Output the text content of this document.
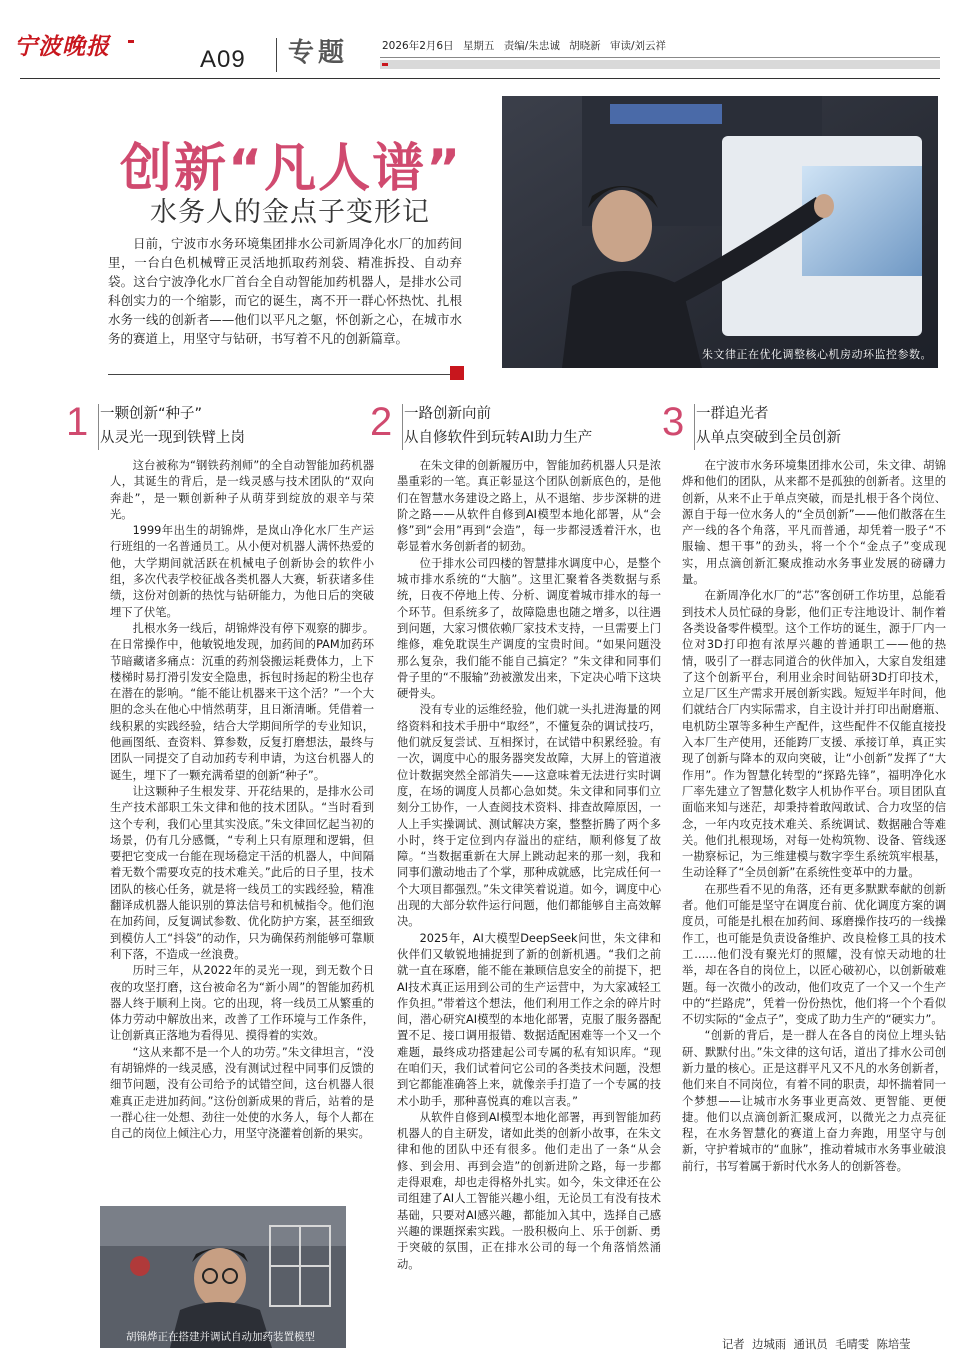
宁波晚报	A09 专题	2026年2月6日 星期五 责编/朱忠诚 胡晓新 审读/刘云祥
创新“凡人谱”
水务人的金点子变形记
日前，宁波市水务环境集团排水公司新周净化水厂的加药间里，一台白色机械臂正灵活地抓取药剂袋、精准拆投、自动弃袋。这台宁波净化水厂首台全自动智能加药机器人，是排水公司科创实力的一个缩影，而它的诞生，离不开一群心怀热忱、扎根水务一线的创新者——他们以平凡之躯，怀创新之心，在城市水务的赛道上，用坚守与钻研，书写着不凡的创新篇章。
朱文律正在优化调整核心机房动环监控参数。
1 一颗创新“种子”
从灵光一现到铁臂上岗	2 一路创新向前
从自修软件到玩转AI助力生产 3 一群追光者
从单点突破到全员创新

这台被称为“钢铁药剂师”的全自动智能加药机器人，其诞生的背后，是一线灵感与技术团队的“双向奔赴”，是一颗创新种子从萌芽到绽放的艰辛与荣光。

1999年出生的胡锦烨，是岚山净化水厂生产运行班组的一名普通员工。从小便对机器人满怀热爱的他，大学期间就活跃在机械电子创新协会的软件小组，多次代表学校征战各类机器人大赛，斩获诸多佳绩，这份对创新的热忱与钻研能力，为他日后的突破埋下了伏笔。

扎根水务一线后，胡锦烨没有停下观察的脚步。在日常操作中，他敏锐地发现，加药间的PAM加药环节暗藏诸多痛点：沉重的药剂袋搬运耗费体力，上下楼梯时易打滑引发安全隐患，拆包时扬起的粉尘也存在潜在的影响。“能不能让机器来干这个活？”一个大胆的念头在他心中悄然萌芽，且日渐清晰。凭借着一线积累的实践经验，结合大学期间所学的专业知识，他画图纸、查资料、算参数，反复打磨想法，最终与团队一同提交了自动加药专利申请，为这台机器人的诞生，埋下了一颗充满希望的创新“种子”。

让这颗种子生根发芽、开花结果的，是排水公司生产技术部职工朱文律和他的技术团队。“当时看到这个专利，我们心里其实没底。”朱文律回忆起当初的场景，仍有几分感慨，“专利上只有原理和逻辑，但要把它变成一台能在现场稳定干活的机器人，中间隔着无数个需要攻克的技术难关。”此后的日子里，技术团队的核心任务，就是将一线员工的实践经验，精准翻译成机器人能识别的算法信号和机械指令。他们泡在加药间，反复调试参数、优化防护方案，甚至细致到模仿人工“抖袋”的动作，只为确保药剂能够可靠顺利下落，不造成一丝浪费。

历时三年，从2022年的灵光一现，到无数个日夜的攻坚打磨，这台被命名为“新小周”的智能加药机器人终于顺利上岗。它的出现，将一线员工从繁重的体力劳动中解放出来，改善了工作环境与工作条件，让创新真正落地为看得见、摸得着的实效。

“这从来都不是一个人的功劳。”朱文律坦言，“没有胡锦烨的一线灵感，没有测试过程中同事们反馈的细节问题，没有公司给予的试错空间，这台机器人很难真正走进加药间。”这份创新成果的背后，站着的是一群心往一处想、劲往一处使的水务人，每个人都在自己的岗位上倾注心力，用坚守浇灌着创新的果实。

在朱文律的创新履历中，智能加药机器人只是浓墨重彩的一笔。真正彰显这个团队创新底色的，是他们在智慧水务建设之路上，从不退缩、步步深耕的进阶之路——从软件自修到AI模型本地化部署，从“会修”到“会用”再到“会造”，每一步都浸透着汗水，也彰显着水务创新者的韧劲。

位于排水公司四楼的智慧排水调度中心，是整个城市排水系统的“大脑”。这里汇聚着各类数据与系统，日夜不停地上传、分析、调度着城市排水的每一个环节。但系统多了，故障隐患也随之增多，以往遇到问题，大家习惯依赖厂家技术支持，一旦需要上门维修，难免耽误生产调度的宝贵时间。“如果问题没那么复杂，我们能不能自己搞定？”朱文律和同事们骨子里的“不服输”劲被激发出来，下定决心啃下这块硬骨头。

没有专业的运维经验，他们就一头扎进海量的网络资料和技术手册中“取经”，不懂复杂的调试技巧，他们就反复尝试、互相探讨，在试错中积累经验。有一次，调度中心的服务器突发故障，大屏上的管道液位计数据突然全部消失——这意味着无法进行实时调度，在场的调度人员都心急如焚。朱文律和同事们立刻分工协作，一人查阅技术资料、排查故障原因，一人上手实操调试、测试解决方案，整整折腾了两个多小时，终于定位到内存溢出的症结，顺利修复了故障。“当数据重新在大屏上跳动起来的那一刻，我和同事们激动地击了个掌，那种成就感，比完成任何一个大项目都强烈。”朱文律笑着说道。如今，调度中心出现的大部分软件运行问题，他们都能够自主高效解决。

2025年，AI大模型DeepSeek问世，朱文律和伙伴们又敏锐地捕捉到了新的创新机遇。“我们之前就一直在琢磨，能不能在兼顾信息安全的前提下，把AI技术真正运用到公司的生产运营中，为大家减轻工作负担。”带着这个想法，他们利用工作之余的碎片时间，潜心研究AI模型的本地化部署，克服了服务器配置不足、接口调用报错、数据适配困难等一个又一个难题，最终成功搭建起公司专属的私有知识库。“现在咱们天，我们试着问它公司的各类技术问题，没想到它都能准确答上来，就像亲手打造了一个专属的技术小助手，那种喜悦真的难以言表。”

从软件自修到AI模型本地化部署，再到智能加药机器人的自主研发，诸如此类的创新小故事，在朱文律和他的团队中还有很多。他们走出了一条“从会修、到会用、再到会造”的创新进阶之路，每一步都走得艰难，却也走得格外扎实。如今，朱文律还在公司组建了AI人工智能兴趣小组，无论员工有没有技术基础，只要对AI感兴趣，都能加入其中，选择自己感兴趣的课题探索实践。一股积极向上、乐于创新、勇于突破的氛围，正在排水公司的每一个角落悄然涌动。

在宁波市水务环境集团排水公司，朱文律、胡锦烨和他们的团队，从来都不是孤独的创新者。这里的创新，从来不止于单点突破，而是扎根于各个岗位、源自于每一位水务人的“全员创新”——他们散落在生产一线的各个角落，平凡而普通，却凭着一股子“不服输、想干事”的劲头，将一个个“金点子”变成现实，用点滴创新汇聚成推动水务事业发展的磅礴力量。

在新周净化水厂的“芯”客创研工作坊里，总能看到技术人员忙碌的身影，他们正专注地设计、制作着各类设备零件模型。这个工作坊的诞生，源于厂内一位对3D打印抱有浓厚兴趣的普通职工——他的热情，吸引了一群志同道合的伙伴加入，大家自发组建了这个创新平台，利用业余时间钻研3D打印技术，立足厂区生产需求开展创新实践。短短半年时间，他们就结合厂内实际需求，自主设计并打印出耐磨瓶、电机防尘罩等多种生产配件，这些配件不仅能直接投入本厂生产使用，还能跨厂支援、承接订单，真正实现了创新与降本的双向突破，让“小创新”发挥了“大作用”。作为智慧化转型的“探路先锋”，福明净化水厂率先建立了智慧化数字人机协作平台。项目团队直面临来知与迷茫，却秉持着敢闯敢试、合力攻坚的信念，一年内攻克技术难关、系统调试、数据融合等难关。他们扎根现场，对每一处构筑物、设备、管线逐一勘察标记，为三维建模与数字孪生系统筑牢根基，生动诠释了“全员创新”在系统性变革中的力量。

在那些看不见的角落，还有更多默默奉献的创新者。他们可能是坚守在调度台前、优化调度方案的调度员，可能是扎根在加药间、琢磨操作技巧的一线操作工，也可能是负责设备维护、改良检修工具的技术工……他们没有聚光灯的照耀，没有惊天动地的壮举，却在各自的岗位上，以匠心破初心，以创新破难题。每一次微小的改动，他们攻克了一个又一个生产中的“拦路虎”，凭着一份份热忱，他们将一个个看似不切实际的“金点子”，变成了助力生产的“硬实力”。

“创新的背后，是一群人在各自的岗位上埋头钻研、默默付出。”朱文律的这句话，道出了排水公司创新力量的核心。正是这群平凡又不凡的水务创新者，他们来自不同岗位，有着不同的职责，却怀揣着同一个梦想——让城市水务事业更高效、更智能、更便捷。他们以点滴创新汇聚成河，以微光之力点亮征程，在水务智慧化的赛道上奋力奔跑，用坚守与创新，守护着城市的“血脉”，推动着城市水务事业破浪前行，书写着属于新时代水务人的创新答卷。

胡锦烨正在搭建并调试自动加药装置模型
记者 边城雨 通讯员 毛晴雯 陈培莹
